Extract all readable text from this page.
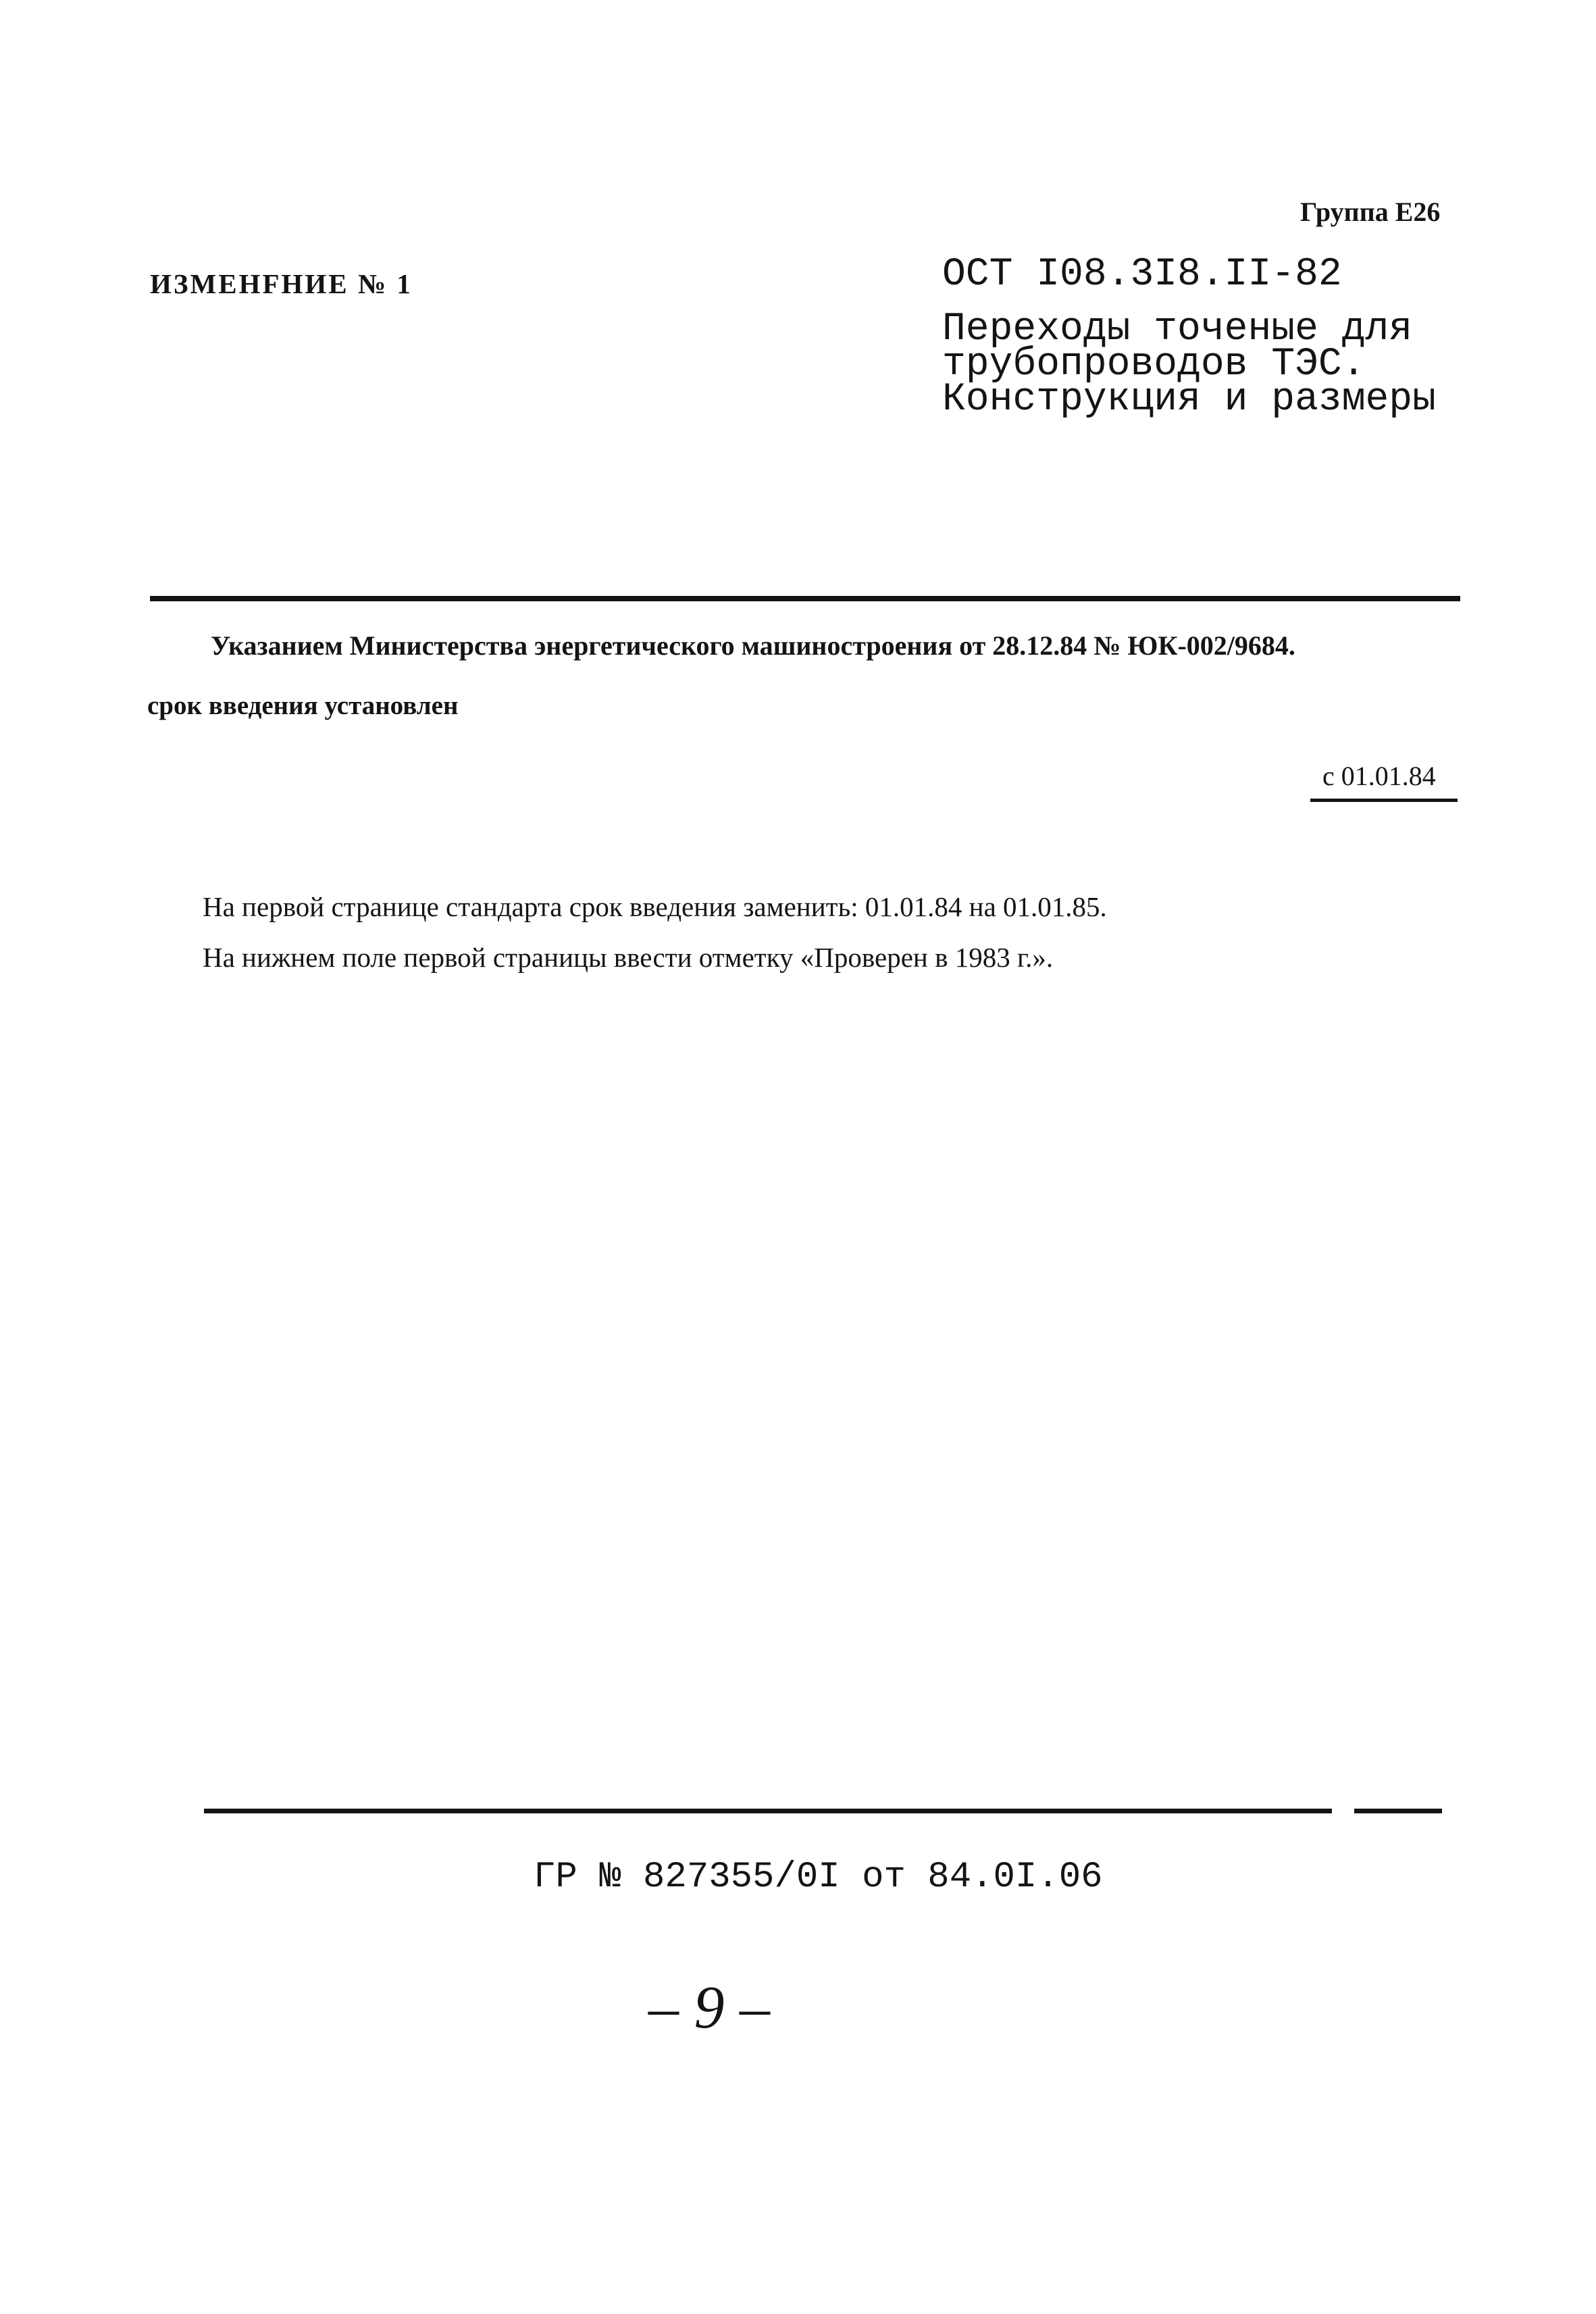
Группа Е26
ИЗМЕНFНИЕ № 1	ОСТ I08.3I8.II-82
Переходы точеные для
трубопроводов ТЭС.
Конструкция и размеры
Указанием Министерства энергетического машиностроения от 28.12.84 № ЮК-002/9684.
срок введения установлен
с 01.01.84
На первой странице стандарта срок введения заменить: 01.01.84 на 01.01.85.
На нижнем поле первой страницы ввести отметку «Проверен в 1983 г.».
ГР № 827355/0I от 84.0I.06
– 9 –
